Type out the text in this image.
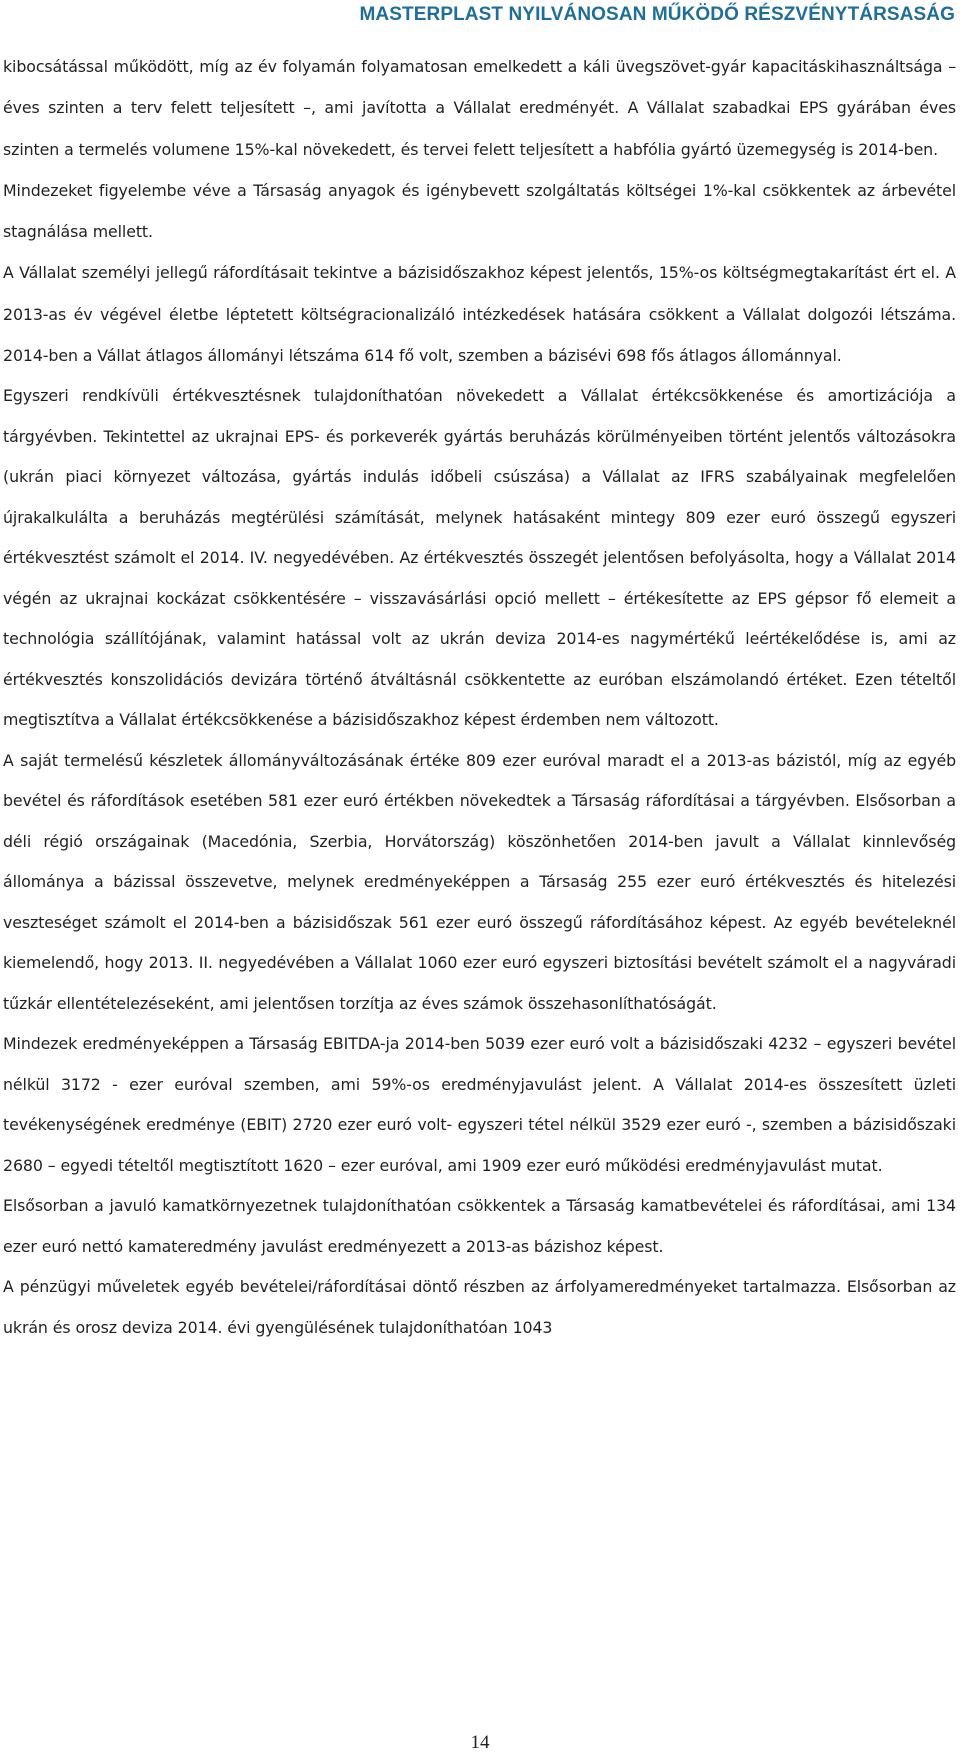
MASTERPLAST NYILVÁNOSAN MŰKÖDŐ RÉSZVÉNYTÁRSASÁG

kibocsátással működött, míg az év folyamán folyamatosan emelkedett a káli üvegszövet-gyár kapacitáskihasználtsága – éves szinten a terv felett teljesített –, ami javította a Vállalat eredményét. A Vállalat szabadkai EPS gyárában éves szinten a termelés volumene 15%-kal növekedett, és tervei felett teljesített a habfólia gyártó üzemegység is 2014-ben.

Mindezeket figyelembe véve a Társaság anyagok és igénybevett szolgáltatás költségei 1%-kal csökkentek az árbevétel stagnálása mellett.

A Vállalat személyi jellegű ráfordításait tekintve a bázisidőszakhoz képest jelentős, 15%-os költségmegtakarítást ért el. A 2013-as év végével életbe léptetett költségracionalizáló intézkedések hatására csökkent a Vállalat dolgozói létszáma. 2014-ben a Vállat átlagos állományi létszáma 614 fő volt, szemben a bázisévi 698 fős átlagos állománnyal.

Egyszeri rendkívüli értékvesztésnek tulajdoníthatóan növekedett a Vállalat értékcsökkenése és amortizációja a tárgyévben. Tekintettel az ukrajnai EPS- és porkeverék gyártás beruházás körülményeiben történt jelentős változásokra (ukrán piaci környezet változása, gyártás indulás időbeli csúszása) a Vállalat az IFRS szabályainak megfelelően újrakalkulálta a beruházás megtérülési számítását, melynek hatásaként mintegy 809 ezer euró összegű egyszeri értékvesztést számolt el 2014. IV. negyedévében. Az értékvesztés összegét jelentősen befolyásolta, hogy a Vállalat 2014 végén az ukrajnai kockázat csökkentésére – visszavásárlási opció mellett – értékesítette az EPS gépsor fő elemeit a technológia szállítójának, valamint hatással volt az ukrán deviza 2014-es nagymértékű leértékelődése is, ami az értékvesztés konszolidációs devizára történő átváltásnál csökkentette az euróban elszámolandó értéket. Ezen tételtől megtisztítva a Vállalat értékcsökkenése a bázisidőszakhoz képest érdemben nem változott.

A saját termelésű készletek állományváltozásának értéke 809 ezer euróval maradt el a 2013-as bázistól, míg az egyéb bevétel és ráfordítások esetében 581 ezer euró értékben növekedtek a Társaság ráfordításai a tárgyévben. Elsősorban a déli régió országainak (Macedónia, Szerbia, Horvátország) köszönhetően 2014-ben javult a Vállalat kinnlevőség állománya a bázissal összevetve, melynek eredményeképpen a Társaság 255 ezer euró értékvesztés és hitelezési veszteséget számolt el 2014-ben a bázisidőszak 561 ezer euró összegű ráfordításához képest. Az egyéb bevételeknél kiemelendő, hogy 2013. II. negyedévében a Vállalat 1060 ezer euró egyszeri biztosítási bevételt számolt el a nagyváradi tűzkár ellentételezéseként, ami jelentősen torzítja az éves számok összehasonlíthatóságát.

Mindezek eredményeképpen a Társaság EBITDA-ja 2014-ben 5039 ezer euró volt a bázisidőszaki 4232 – egyszeri bevétel nélkül 3172 - ezer euróval szemben, ami 59%-os eredményjavulást jelent. A Vállalat 2014-es összesített üzleti tevékenységének eredménye (EBIT) 2720 ezer euró volt- egyszeri tétel nélkül 3529 ezer euró -, szemben a bázisidőszaki 2680 – egyedi tételtől megtisztított 1620 – ezer euróval, ami 1909 ezer euró működési eredményjavulást mutat.

Elsősorban a javuló kamatkörnyezetnek tulajdoníthatóan csökkentek a Társaság kamatbevételei és ráfordításai, ami 134 ezer euró nettó kamateredmény javulást eredményezett a 2013-as bázishoz képest.

A pénzügyi műveletek egyéb bevételei/ráfordításai döntő részben az árfolyameredményeket tartalmazza. Elsősorban az ukrán és orosz deviza 2014. évi gyengülésének tulajdoníthatóan 1043

14
